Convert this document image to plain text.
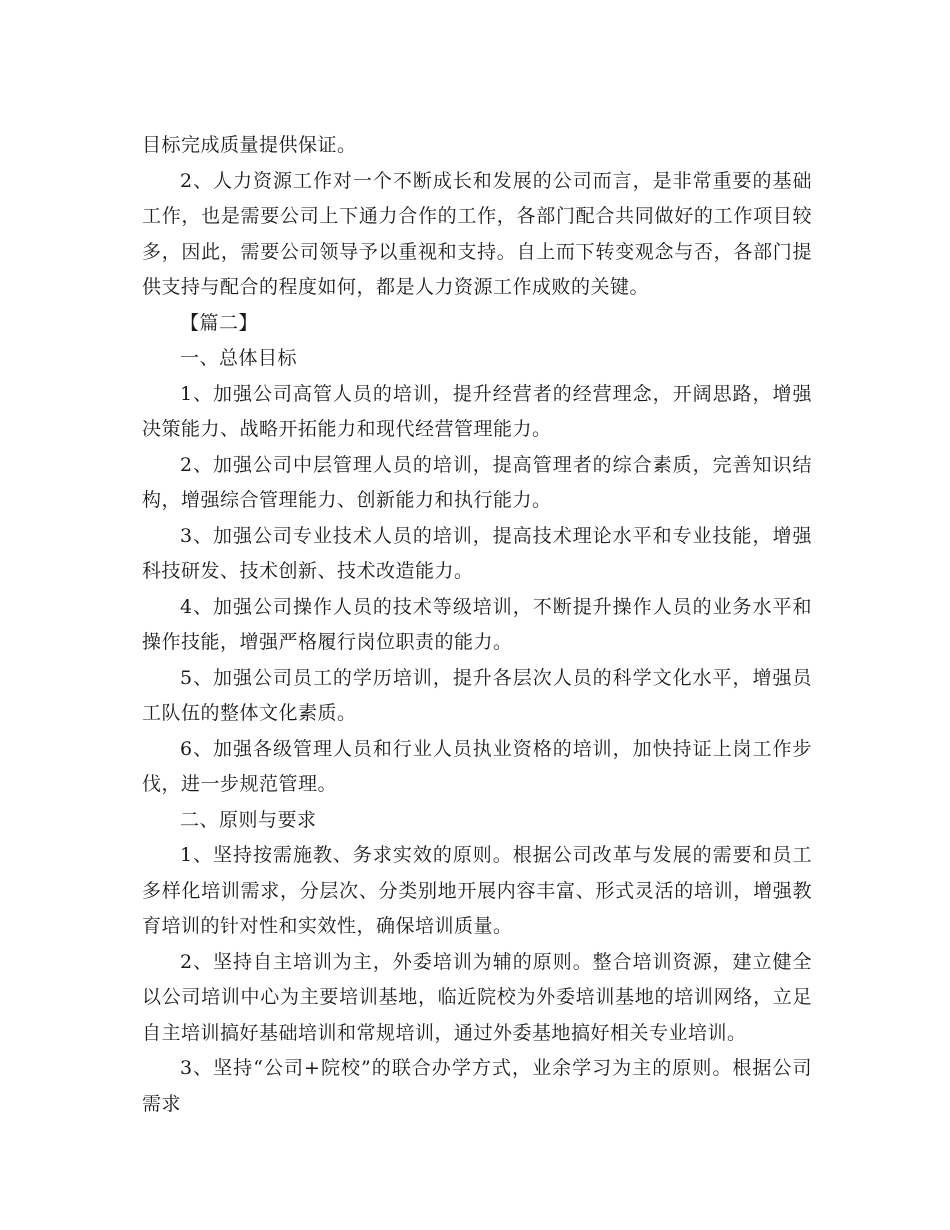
目标完成质量提供保证。

2、人力资源工作对一个不断成长和发展的公司而言，是非常重要的基础工作，也是需要公司上下通力合作的工作，各部门配合共同做好的工作项目较多，因此，需要公司领导予以重视和支持。自上而下转变观念与否，各部门提供支持与配合的程度如何，都是人力资源工作成败的关键。

【篇二】

一、总体目标

1、加强公司高管人员的培训，提升经营者的经营理念，开阔思路，增强决策能力、战略开拓能力和现代经营管理能力。

2、加强公司中层管理人员的培训，提高管理者的综合素质，完善知识结构，增强综合管理能力、创新能力和执行能力。

3、加强公司专业技术人员的培训，提高技术理论水平和专业技能，增强科技研发、技术创新、技术改造能力。

4、加强公司操作人员的技术等级培训，不断提升操作人员的业务水平和操作技能，增强严格履行岗位职责的能力。

5、加强公司员工的学历培训，提升各层次人员的科学文化水平，增强员工队伍的整体文化素质。

6、加强各级管理人员和行业人员执业资格的培训，加快持证上岗工作步伐，进一步规范管理。

二、原则与要求

1、坚持按需施教、务求实效的原则。根据公司改革与发展的需要和员工多样化培训需求，分层次、分类别地开展内容丰富、形式灵活的培训，增强教育培训的针对性和实效性，确保培训质量。

2、坚持自主培训为主，外委培训为辅的原则。整合培训资源，建立健全以公司培训中心为主要培训基地，临近院校为外委培训基地的培训网络，立足自主培训搞好基础培训和常规培训，通过外委基地搞好相关专业培训。

3、坚持“公司+院校”的联合办学方式，业余学习为主的原则。根据公司需求
